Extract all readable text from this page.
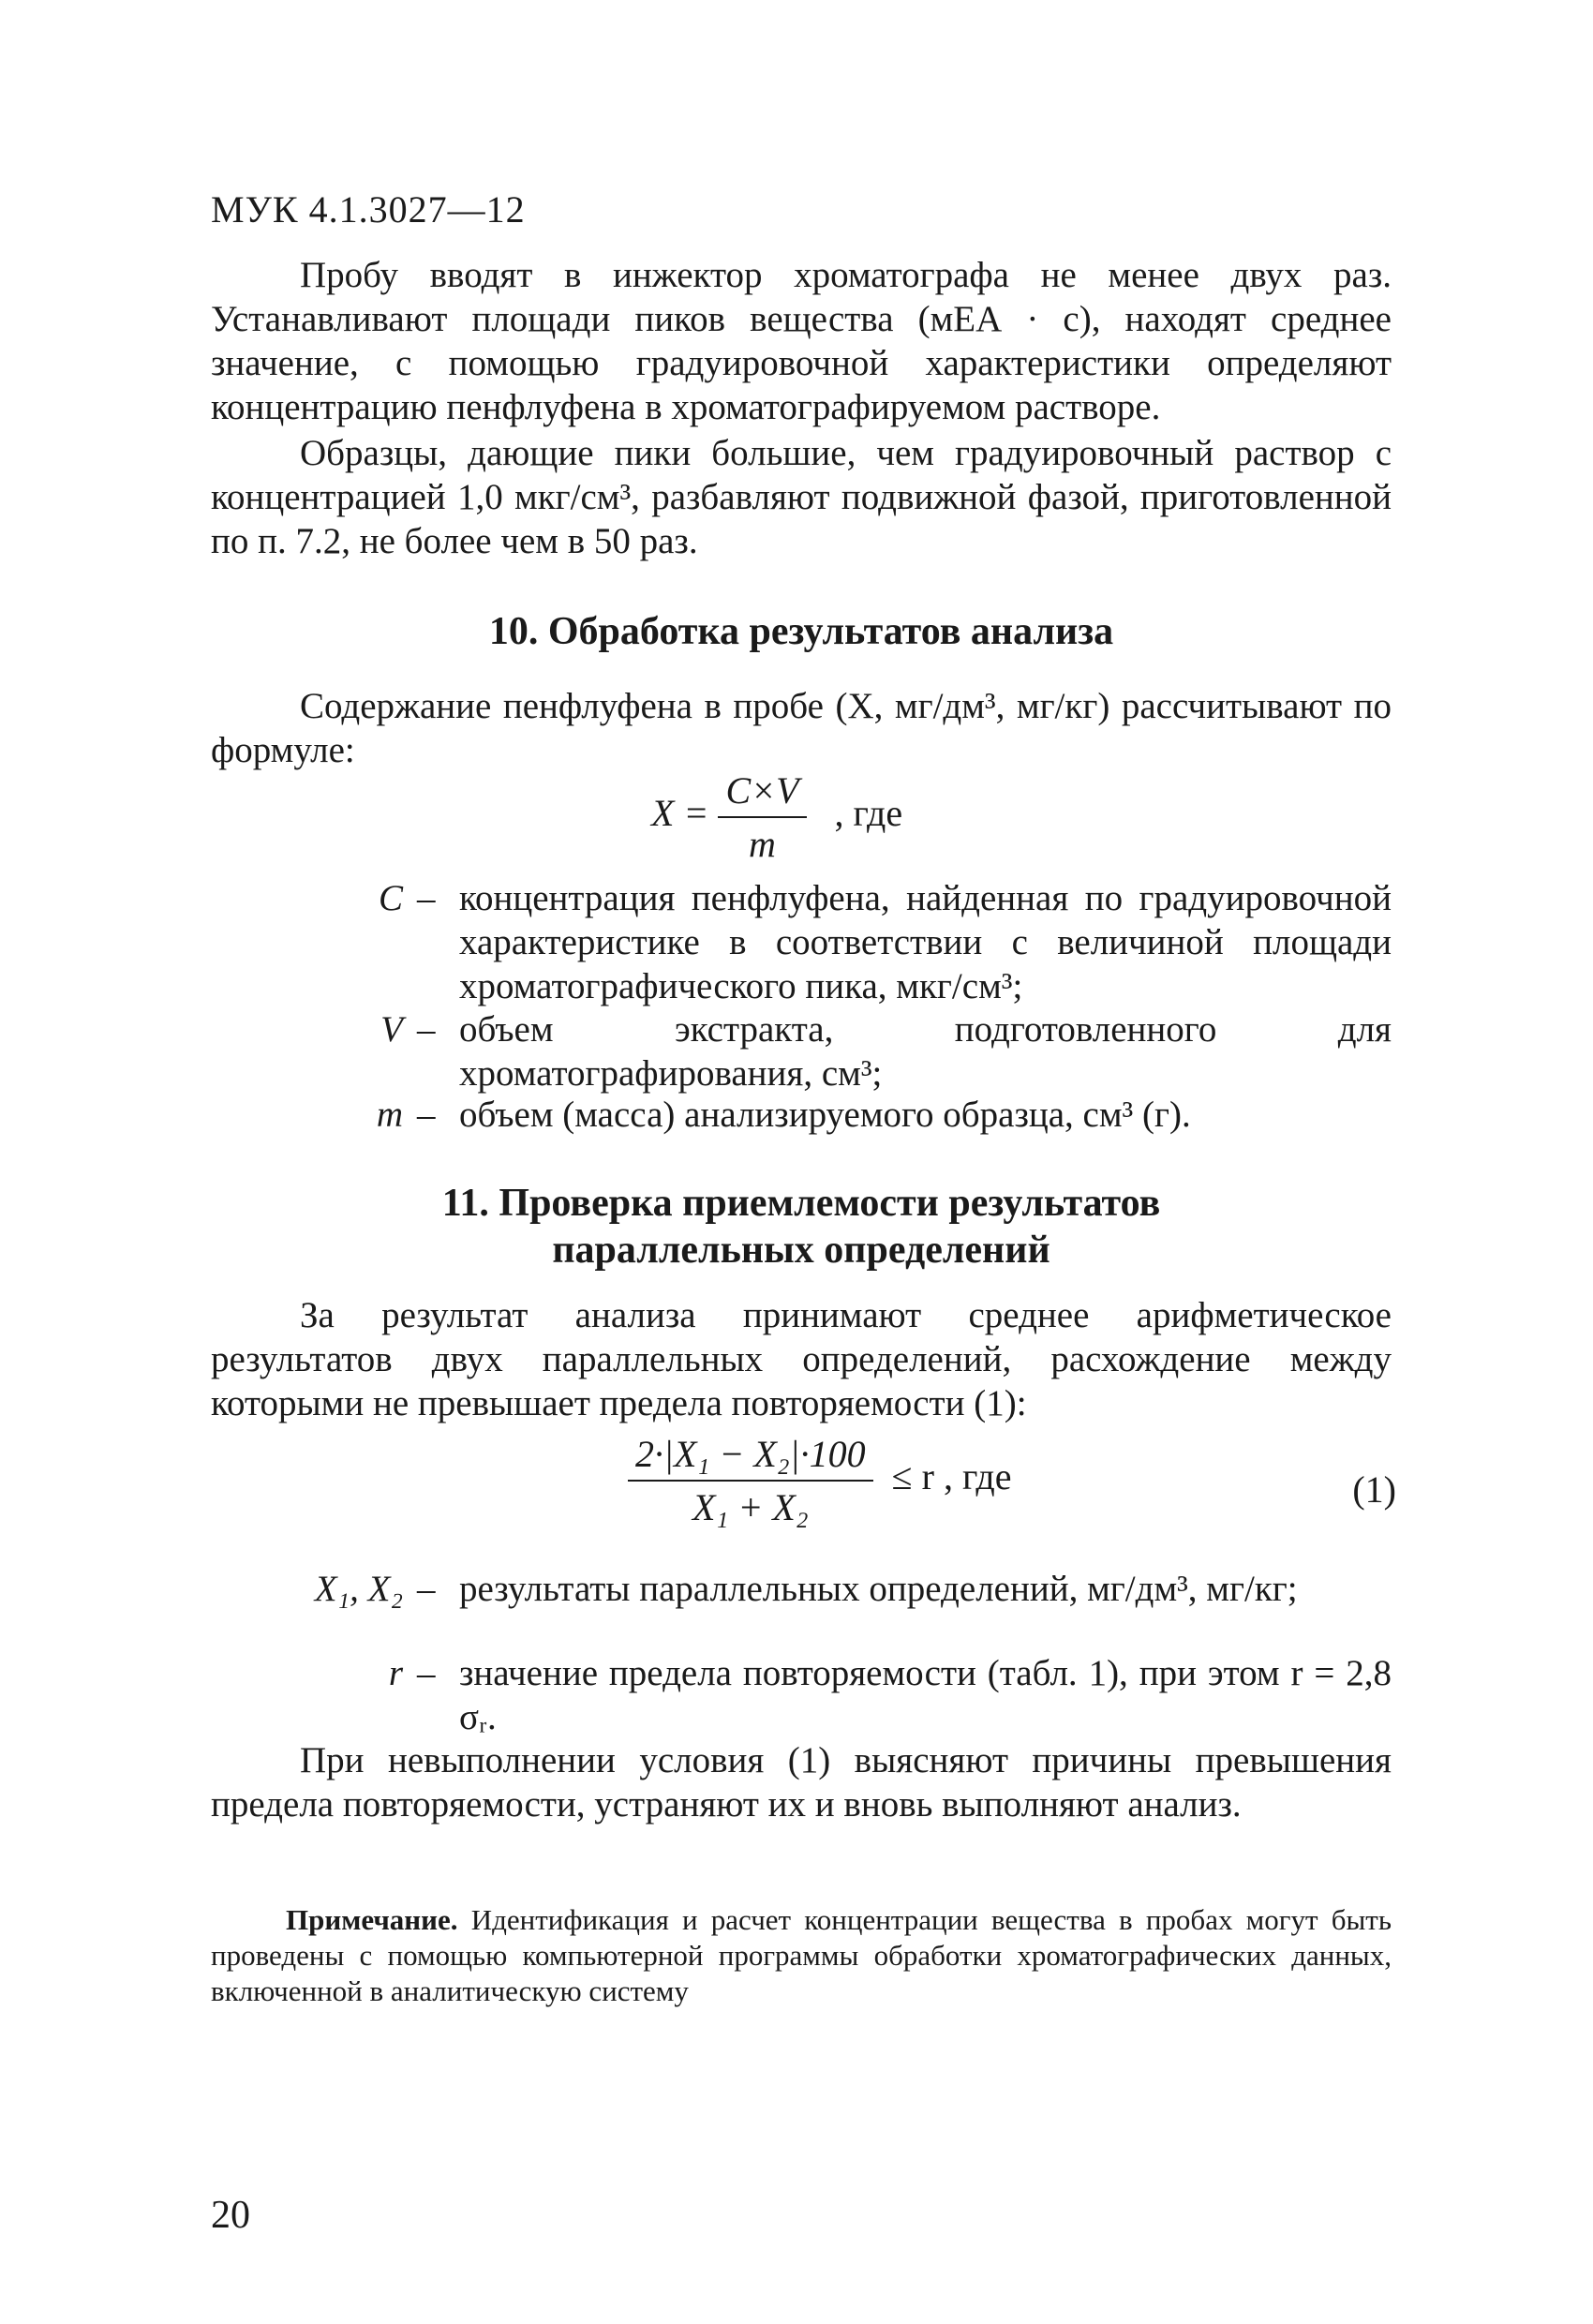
МУК 4.1.3027—12

Пробу вводят в инжектор хроматографа не менее двух раз. Устанавливают площади пиков вещества (мЕА · с), находят среднее значение, с помощью градуировочной характеристики определяют концентрацию пенфлуфена в хроматографируемом растворе.

Образцы, дающие пики большие, чем градуировочный раствор с концентрацией 1,0 мкг/см³, разбавляют подвижной фазой, приготовленной по п. 7.2, не более чем в 50 раз.

10. Обработка результатов анализа

Содержание пенфлуфена в пробе (X, мг/дм³, мг/кг) рассчитывают по формуле:

$X = \frac{C\times V}{m}$ , где
C – концентрация пенфлуфена, найденная по градуировочной характеристике в соответствии с величиной площади хроматографического пика, мкг/см³;
V – объем экстракта, подготовленного для хроматографирования, см³;
m – объем (масса) анализируемого образца, см³ (г).
11. Проверка приемлемости результатов
параллельных определений

За результат анализа принимают среднее арифметическое результатов двух параллельных определений, расхождение между которыми не превышает предела повторяемости (1):

$\frac{\text{2·|X₁ − X₂|·100}}{\text{X₁ + X₂}} \le r$ , где	(1)
X₁, X₂ – результаты параллельных определений, мг/дм³, мг/кг;
r – значение предела повторяемости (табл. 1), при этом r = 2,8 σᵣ.

При невыполнении условия (1) выясняют причины превышения предела повторяемости, устраняют их и вновь выполняют анализ.

Примечание. Идентификация и расчет концентрации вещества в пробах могут быть проведены с помощью компьютерной программы обработки хроматографических данных, включенной в аналитическую систему

20
